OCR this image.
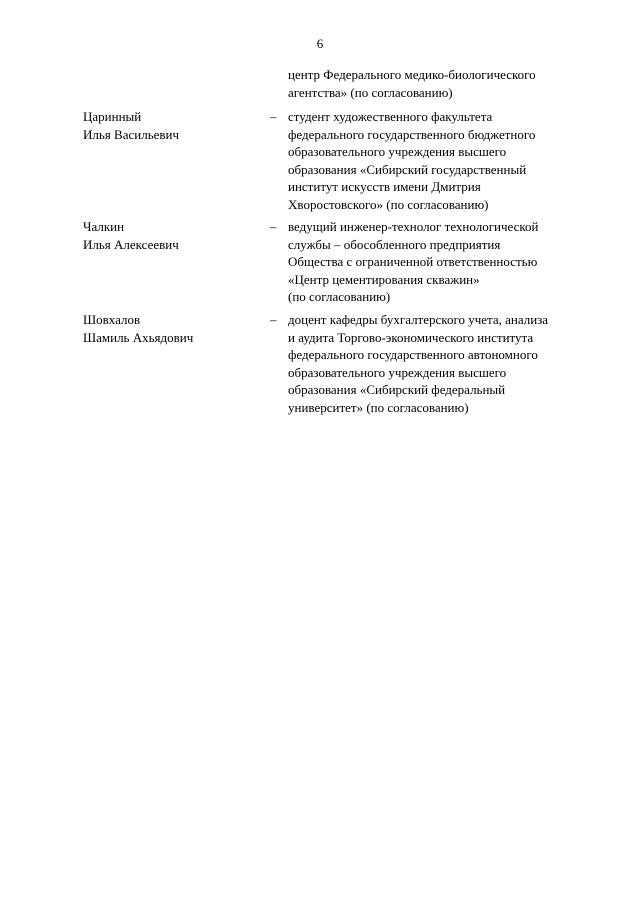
6
центр Федерального медико-биологического
агентства» (по согласованию)
Царинный
Илья Васильевич
– студент художественного факультета
федерального государственного бюджетного
образовательного учреждения высшего
образования «Сибирский государственный
институт искусств имени Дмитрия
Хворостовского» (по согласованию)
Чалкин
Илья Алексеевич
– ведущий инженер-технолог технологической
службы – обособленного предприятия
Общества с ограниченной ответственностью
«Центр цементирования скважин»
(по согласованию)
Шовхалов
Шамиль Ахьядович
– доцент кафедры бухгалтерского учета, анализа
и аудита Торгово-экономического института
федерального государственного автономного
образовательного учреждения высшего
образования «Сибирский федеральный
университет» (по согласованию)
